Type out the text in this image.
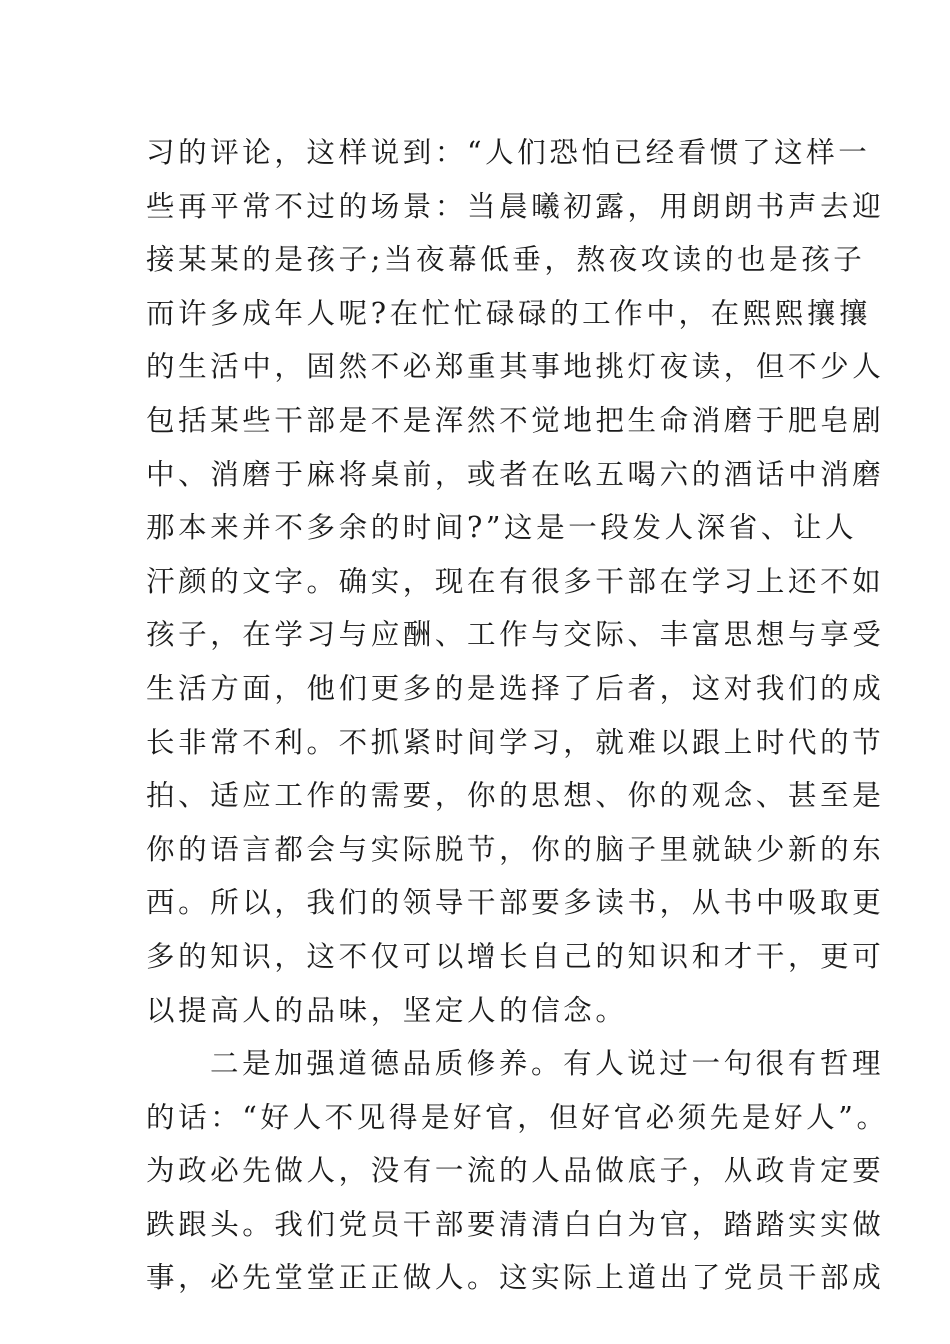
习的评论，这样说到：“人们恐怕已经看惯了这样一
些再平常不过的场景：当晨曦初露，用朗朗书声去迎
接某某的是孩子;当夜幕低垂，熬夜攻读的也是孩子
而许多成年人呢?在忙忙碌碌的工作中，在熙熙攘攘
的生活中，固然不必郑重其事地挑灯夜读，但不少人
包括某些干部是不是浑然不觉地把生命消磨于肥皂剧
中、消磨于麻将桌前，或者在吆五喝六的酒话中消磨
那本来并不多余的时间?”这是一段发人深省、让人
汗颜的文字。确实，现在有很多干部在学习上还不如
孩子，在学习与应酬、工作与交际、丰富思想与享受
生活方面，他们更多的是选择了后者，这对我们的成
长非常不利。不抓紧时间学习，就难以跟上时代的节
拍、适应工作的需要，你的思想、你的观念、甚至是
你的语言都会与实际脱节，你的脑子里就缺少新的东
西。所以，我们的领导干部要多读书，从书中吸取更
多的知识，这不仅可以增长自己的知识和才干，更可
以提高人的品味，坚定人的信念。
二是加强道德品质修养。有人说过一句很有哲理
的话：“好人不见得是好官，但好官必须先是好人”。
为政必先做人，没有一流的人品做底子，从政肯定要
跌跟头。我们党员干部要清清白白为官，踏踏实实做
事，必先堂堂正正做人。这实际上道出了党员干部成
